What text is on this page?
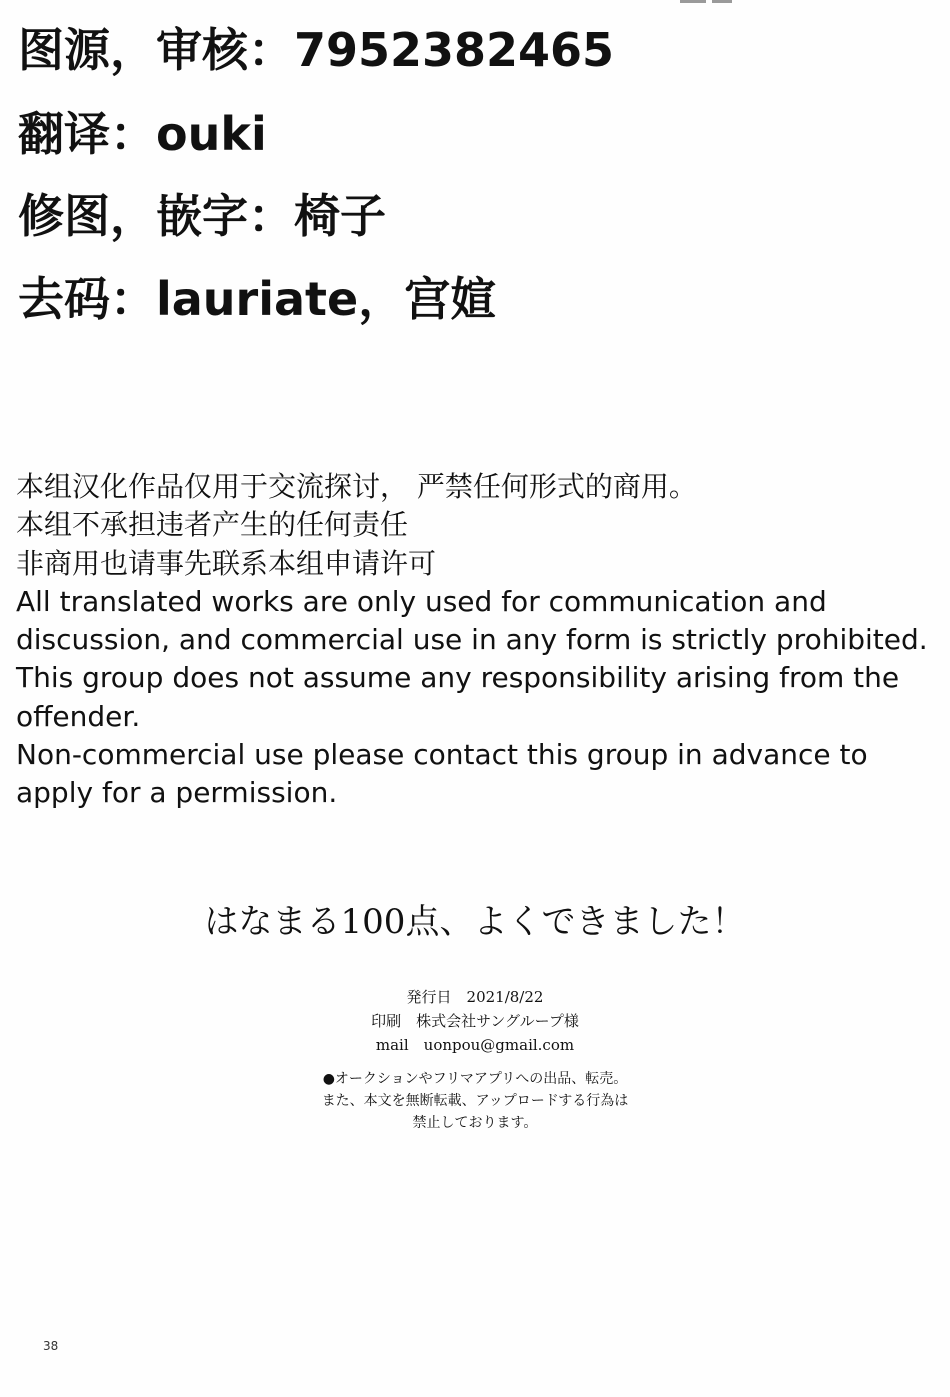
图源，审核：7952382465
翻译：ouki
修图，嵌字：椅子
去码：lauriate，宫媗
本组汉化作品仅用于交流探讨， 严禁任何形式的商用。
本组不承担违者产生的任何责任
非商用也请事先联系本组申请许可
All translated works are only used for communication and discussion, and commercial use in any form is strictly prohibited.
This group does not assume any responsibility arising from the offender.
Non-commercial use please contact this group in advance to apply for a permission.
はなまる100点、よくできました！
発行日　2021/8/22
印刷　株式会社サングループ様
mail　uonpou@gmail.com
●オークションやフリマアプリへの出品、転売。
また、本文を無断転載、アップロードする行為は
禁止しております。
38
